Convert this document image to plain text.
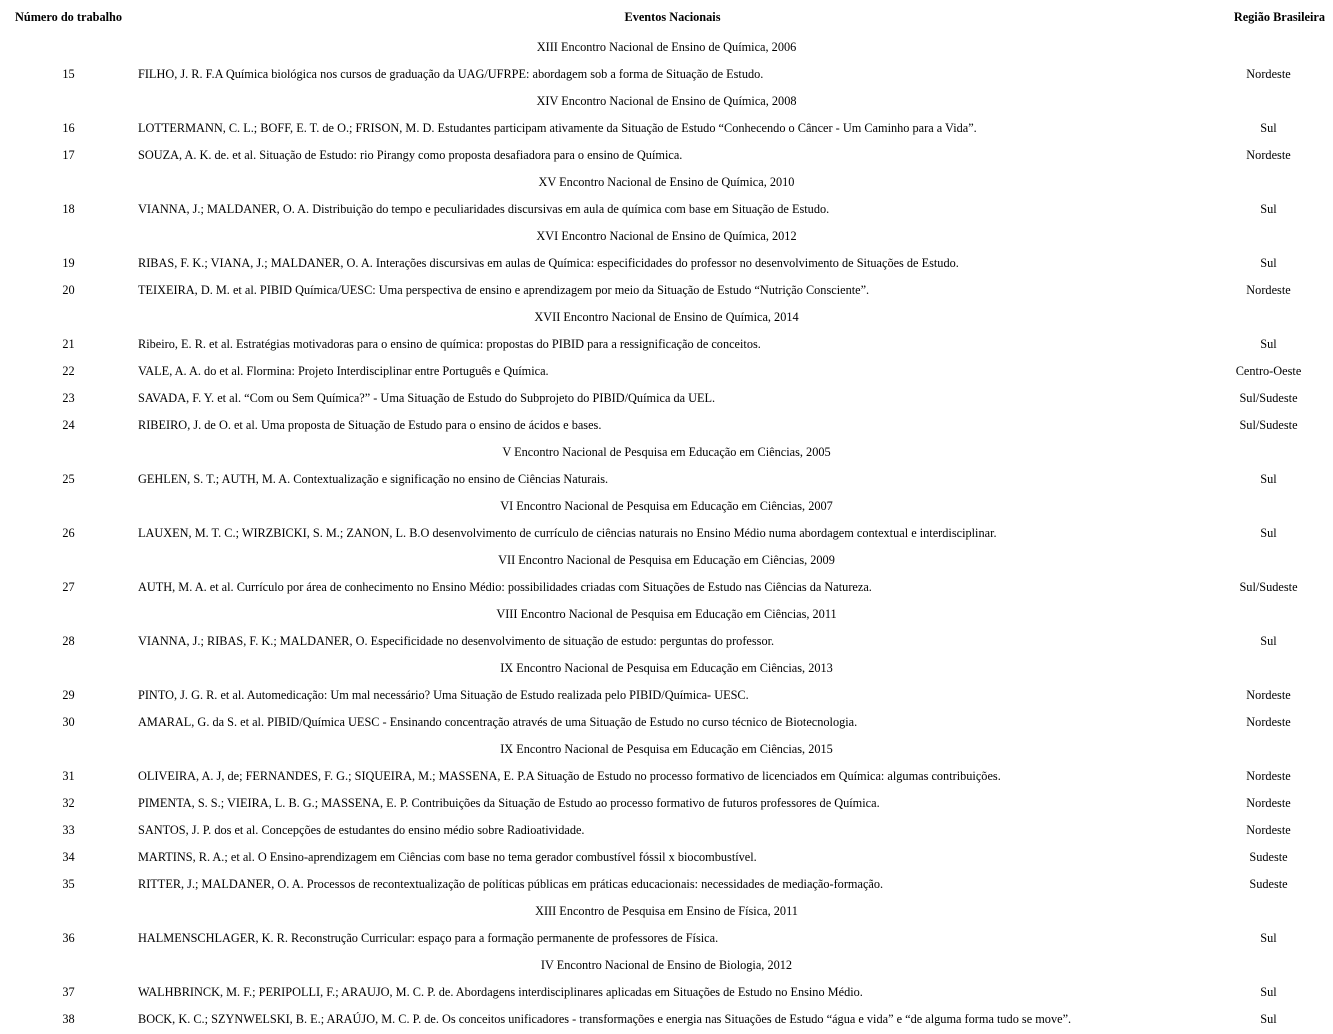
Número do trabalho	Eventos Nacionais	Região Brasileira
XIII Encontro Nacional de Ensino de Química, 2006		
15	FILHO, J. R. F.A Química biológica nos cursos de graduação da UAG/UFRPE: abordagem sob a forma de Situação de Estudo.	Nordeste
XIV Encontro Nacional de Ensino de Química, 2008		
16	LOTTERMANN, C. L.; BOFF, E. T. de O.; FRISON, M. D. Estudantes participam ativamente da Situação de Estudo “Conhecendo o Câncer - Um Caminho para a Vida”.	Sul
17	SOUZA, A. K. de. et al. Situação de Estudo: rio Pirangy como proposta desafiadora para o ensino de Química.	Nordeste
XV Encontro Nacional de Ensino de Química, 2010		
18	VIANNA, J.; MALDANER, O. A. Distribuição do tempo e peculiaridades discursivas em aula de química com base em Situação de Estudo.	Sul
XVI Encontro Nacional de Ensino de Química, 2012		
19	RIBAS, F. K.; VIANA, J.; MALDANER, O. A. Interações discursivas em aulas de Química: especificidades do professor no desenvolvimento de Situações de Estudo.	Sul
20	TEIXEIRA, D. M. et al. PIBID Química/UESC: Uma perspectiva de ensino e aprendizagem por meio da Situação de Estudo “Nutrição Consciente”.	Nordeste
XVII Encontro Nacional de Ensino de Química, 2014		
21	Ribeiro, E. R. et al. Estratégias motivadoras para o ensino de química: propostas do PIBID para a ressignificação de conceitos.	Sul
22	VALE, A. A. do et al. Flormina: Projeto Interdisciplinar entre Português e Química.	Centro-Oeste
23	SAVADA, F. Y. et al. “Com ou Sem Química?” - Uma Situação de Estudo do Subprojeto do PIBID/Química da UEL.	Sul/Sudeste
24	RIBEIRO, J. de O. et al. Uma proposta de Situação de Estudo para o ensino de ácidos e bases.	Sul/Sudeste
V Encontro Nacional de Pesquisa em Educação em Ciências, 2005		
25	GEHLEN, S. T.; AUTH, M. A. Contextualização e significação no ensino de Ciências Naturais.	Sul
VI Encontro Nacional de Pesquisa em Educação em Ciências, 2007		
26	LAUXEN, M. T. C.; WIRZBICKI, S. M.; ZANON, L. B.O desenvolvimento de currículo de ciências naturais no Ensino Médio numa abordagem contextual e interdisciplinar.	Sul
VII Encontro Nacional de Pesquisa em Educação em Ciências, 2009		
27	AUTH, M. A. et al. Currículo por área de conhecimento no Ensino Médio: possibilidades criadas com Situações de Estudo nas Ciências da Natureza.	Sul/Sudeste
VIII Encontro Nacional de Pesquisa em Educação em Ciências, 2011		
28	VIANNA, J.; RIBAS, F. K.; MALDANER, O. Especificidade no desenvolvimento de situação de estudo: perguntas do professor.	Sul
IX Encontro Nacional de Pesquisa em Educação em Ciências, 2013		
29	PINTO, J. G. R. et al. Automedicação: Um mal necessário? Uma Situação de Estudo realizada pelo PIBID/Química- UESC.	Nordeste
30	AMARAL, G. da S. et al. PIBID/Química UESC - Ensinando concentração através de uma Situação de Estudo no curso técnico de Biotecnologia.	Nordeste
IX Encontro Nacional de Pesquisa em Educação em Ciências, 2015		
31	OLIVEIRA, A. J, de; FERNANDES, F. G.; SIQUEIRA, M.; MASSENA, E. P.A Situação de Estudo no processo formativo de licenciados em Química: algumas contribuições.	Nordeste
32	PIMENTA, S. S.; VIEIRA, L. B. G.; MASSENA, E. P. Contribuições da Situação de Estudo ao processo formativo de futuros professores de Química.	Nordeste
33	SANTOS, J. P. dos et al. Concepções de estudantes do ensino médio sobre Radioatividade.	Nordeste
34	MARTINS, R. A.; et al. O Ensino-aprendizagem em Ciências com base no tema gerador combustível fóssil x biocombustível.	Sudeste
35	RITTER, J.; MALDANER, O. A. Processos de recontextualização de políticas públicas em práticas educacionais: necessidades de mediação-formação.	Sudeste
XIII Encontro de Pesquisa em Ensino de Física, 2011		
36	HALMENSCHLAGER, K. R. Reconstrução Curricular: espaço para a formação permanente de professores de Física.	Sul
IV Encontro Nacional de Ensino de Biologia, 2012		
37	WALHBRINCK, M. F.; PERIPOLLI, F.; ARAUJO, M. C. P. de. Abordagens interdisciplinares aplicadas em Situações de Estudo no Ensino Médio.	Sul
38	BOCK, K. C.; SZYNWELSKI, B. E.; ARAÚJO, M. C. P. de. Os conceitos unificadores - transformações e energia nas Situações de Estudo “água e vida” e “de alguma forma tudo se move”.	Sul
